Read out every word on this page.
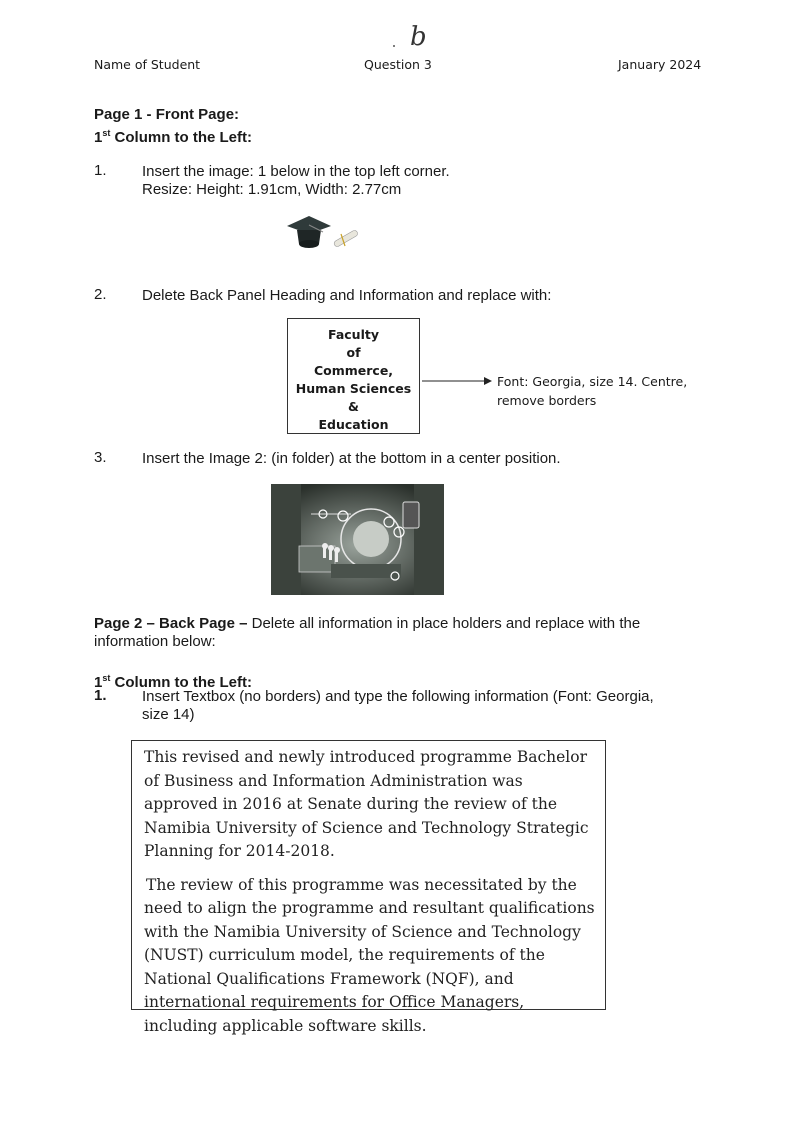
b
Name of Student	Question 3	January 2024
Page 1 - Front Page:
1st Column to the Left:
1. Insert the image: 1 below in the top left corner.
Resize: Height: 1.91cm, Width: 2.77cm
2. Delete Back Panel Heading and Information and replace with:
Faculty
of
Commerce,
Human Sciences
&
Education
Font: Georgia, size 14. Centre,
remove borders
3. Insert the Image 2: (in folder) at the bottom in a center position.
Page 2 – Back Page – Delete all information in place holders and replace with the
information below:
1st Column to the Left:
1. Insert Textbox (no borders) and type the following information (Font: Georgia,
size 14)

This revised and newly introduced programme Bachelor of Business and Information Administration was approved in 2016 at Senate during the review of the Namibia University of Science and Technology Strategic Planning for 2014-2018.

The review of this programme was necessitated by the need to align the programme and resultant qualifications with the Namibia University of Science and Technology (NUST) curriculum model, the requirements of the National Qualifications Framework (NQF), and international requirements for Office Managers, including applicable software skills.
